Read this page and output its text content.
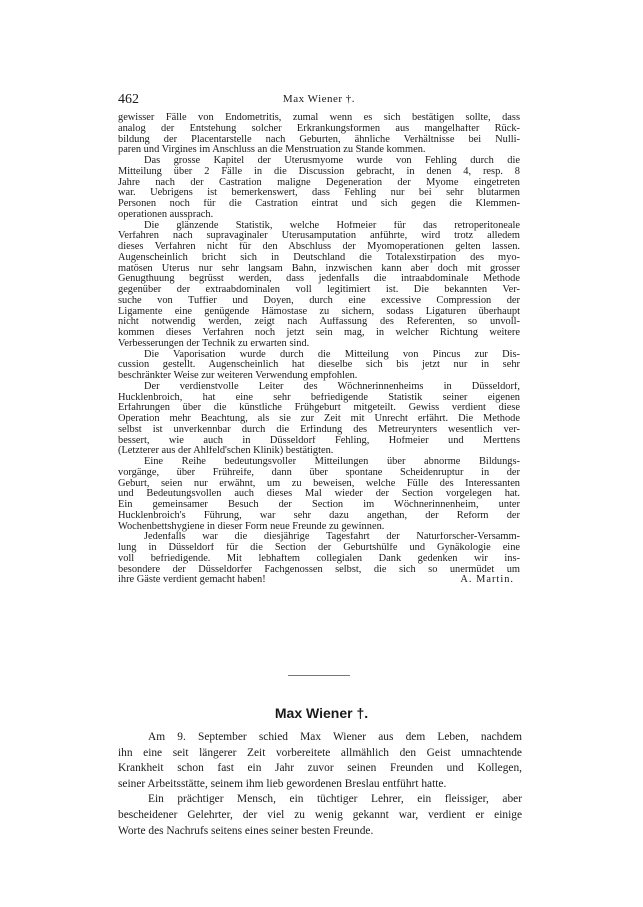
462	Max Wiener †.
gewisser Fälle von Endometritis, zumal wenn es sich bestätigen sollte, dass
analog der Entstehung solcher Erkrankungsformen aus mangelhafter Rück-
bildung der Placentarstelle nach Geburten, ähnliche Verhältnisse bei Nulli-
paren und Virgines im Anschluss an die Menstruation zu Stande kommen.
Das grosse Kapitel der Uterusmyome wurde von Fehling durch die
Mitteilung über 2 Fälle in die Discussion gebracht, in denen 4, resp. 8
Jahre nach der Castration maligne Degeneration der Myome eingetreten
war. Uebrigens ist bemerkenswert, dass Fehling nur bei sehr blutarmen
Personen noch für die Castration eintrat und sich gegen die Klemmen-
operationen aussprach.
Die glänzende Statistik, welche Hofmeier für das retroperitoneale
Verfahren nach supravaginaler Uterusamputation anführte, wird trotz alledem
dieses Verfahren nicht für den Abschluss der Myomoperationen gelten lassen.
Augenscheinlich bricht sich in Deutschland die Totalexstirpation des myo-
matösen Uterus nur sehr langsam Bahn, inzwischen kann aber doch mit grosser
Genugthuung begrüsst werden, dass jedenfalls die intraabdominale Methode
gegenüber der extraabdominalen voll legitimiert ist. Die bekannten Ver-
suche von Tuffier und Doyen, durch eine excessive Compression der
Ligamente eine genügende Hämostase zu sichern, sodass Ligaturen überhaupt
nicht notwendig werden, zeigt nach Auffassung des Referenten, so unvoll-
kommen dieses Verfahren noch jetzt sein mag, in welcher Richtung weitere
Verbesserungen der Technik zu erwarten sind.
Die Vaporisation wurde durch die Mitteilung von Pincus zur Dis-
cussion gestellt. Augenscheinlich hat dieselbe sich bis jetzt nur in sehr
beschränkter Weise zur weiteren Verwendung empfohlen.
Der verdienstvolle Leiter des Wöchnerinnenheims in Düsseldorf,
Hucklenbroich, hat eine sehr befriedigende Statistik seiner eigenen
Erfahrungen über die künstliche Frühgeburt mitgeteilt. Gewiss verdient diese
Operation mehr Beachtung, als sie zur Zeit mit Unrecht erfährt. Die Methode
selbst ist unverkennbar durch die Erfindung des Metreurynters wesentlich ver-
bessert, wie auch in Düsseldorf Fehling, Hofmeier und Merttens
(Letzterer aus der Ahlfeld'schen Klinik) bestätigten.
Eine Reihe bedeutungsvoller Mitteilungen über abnorme Bildungs-
vorgänge, über Frühreife, dann über spontane Scheidenruptur in der
Geburt, seien nur erwähnt, um zu beweisen, welche Fülle des Interessanten
und Bedeutungsvollen auch dieses Mal wieder der Section vorgelegen hat.
Ein gemeinsamer Besuch der Section im Wöchnerinnenheim, unter
Hucklenbroich's Führung, war sehr dazu angethan, der Reform der
Wochenbettshygiene in dieser Form neue Freunde zu gewinnen.
Jedenfalls war die diesjährige Tagesfahrt der Naturforscher-Versamm-
lung in Düsseldorf für die Section der Geburtshülfe und Gynäkologie eine
voll befriedigende. Mit lebhaftem collegialen Dank gedenken wir ins-
besondere der Düsseldorfer Fachgenossen selbst, die sich so unermüdet um
ihre Gäste verdient gemacht haben!	A. Martin.
Max Wiener †.
Am 9. September schied Max Wiener aus dem Leben, nachdem
ihn eine seit längerer Zeit vorbereitete allmählich den Geist umnachtende
Krankheit schon fast ein Jahr zuvor seinen Freunden und Kollegen,
seiner Arbeitsstätte, seinem ihm lieb gewordenen Breslau entführt hatte.
Ein prächtiger Mensch, ein tüchtiger Lehrer, ein fleissiger, aber
bescheidener Gelehrter, der viel zu wenig gekannt war, verdient er einige
Worte des Nachrufs seitens eines seiner besten Freunde.
